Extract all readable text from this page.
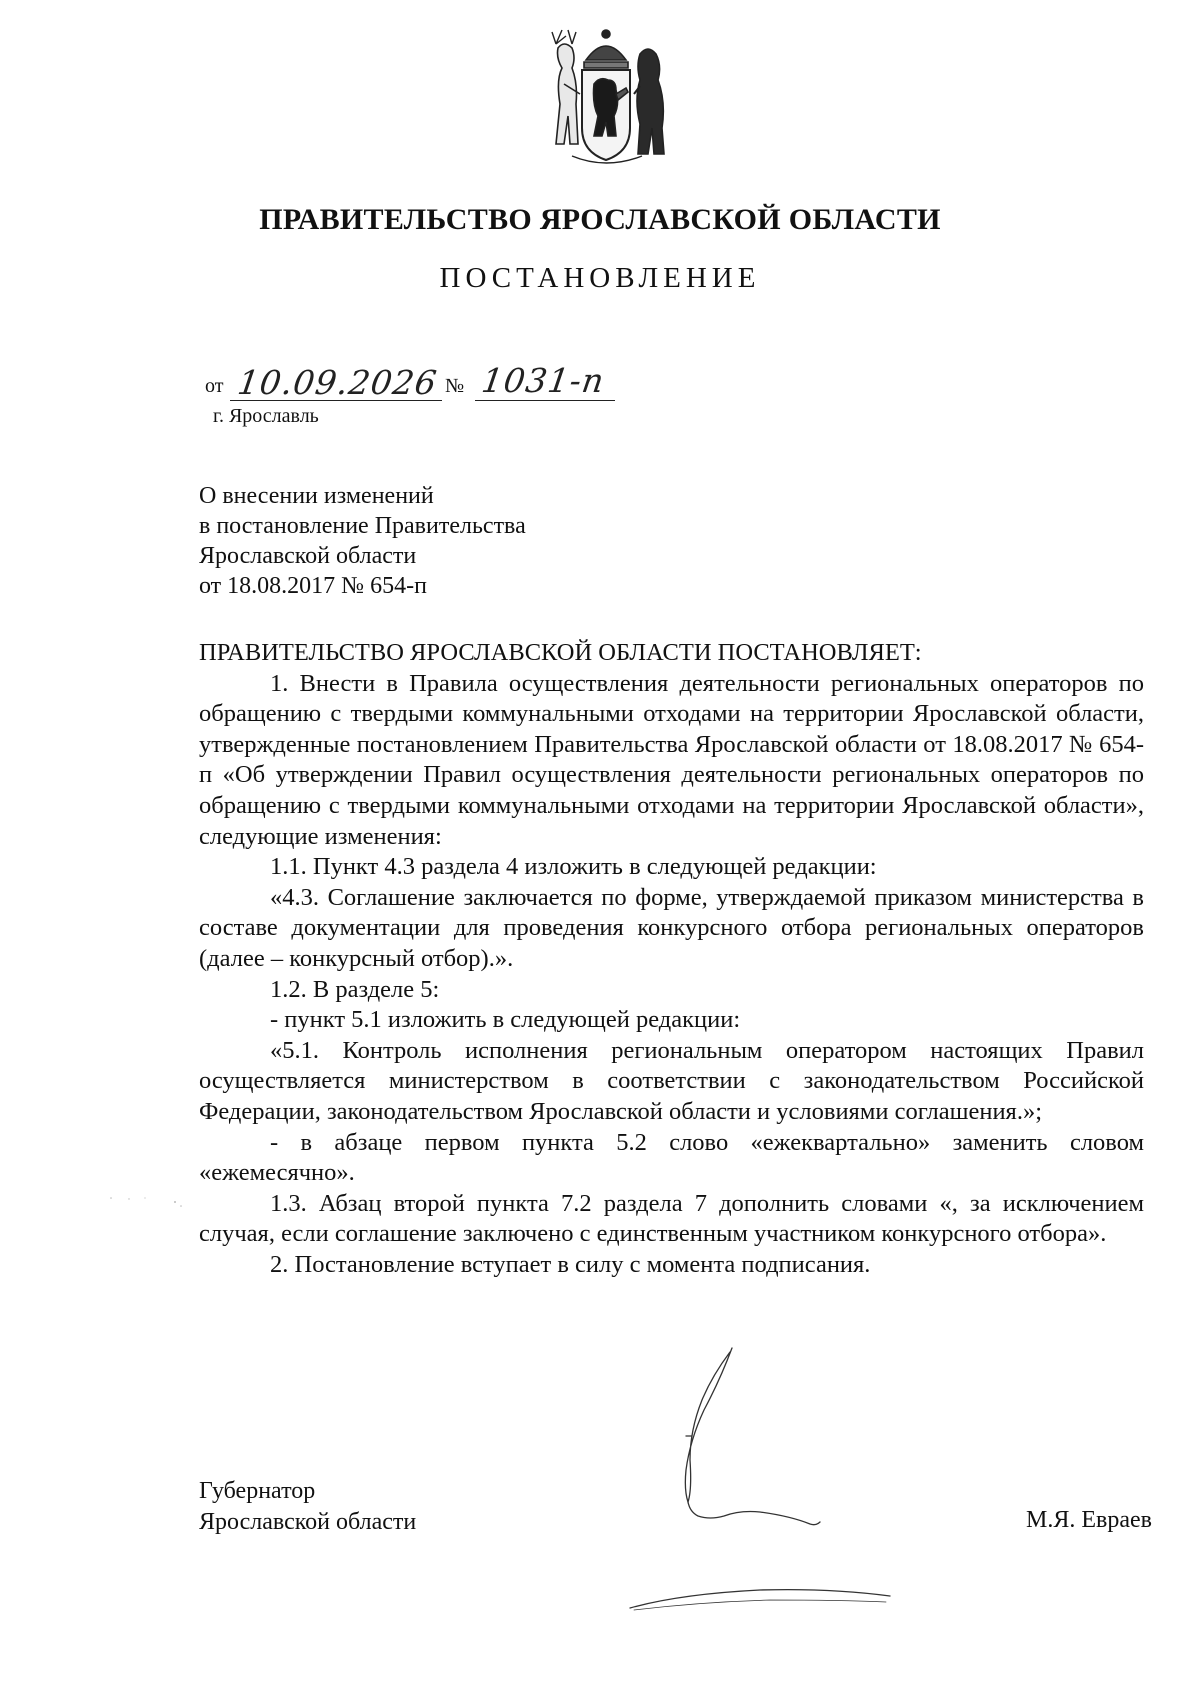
ПРАВИТЕЛЬСТВО ЯРОСЛАВСКОЙ ОБЛАСТИ
ПОСТАНОВЛЕНИЕ
от 10.09.2026 № 1031-п
г. Ярославль
О внесении изменений
в постановление Правительства
Ярославской области
от 18.08.2017 № 654-п

ПРАВИТЕЛЬСТВО ЯРОСЛАВСКОЙ ОБЛАСТИ ПОСТАНОВЛЯЕТ:

1. Внести в Правила осуществления деятельности региональных операторов по обращению с твердыми коммунальными отходами на территории Ярославской области, утвержденные постановлением Правительства Ярославской области от 18.08.2017 № 654-п «Об утверждении Правил осуществления деятельности региональных операторов по обращению с твердыми коммунальными отходами на территории Ярославской области», следующие изменения:

1.1. Пункт 4.3 раздела 4 изложить в следующей редакции:

«4.3. Соглашение заключается по форме, утверждаемой приказом министерства в составе документации для проведения конкурсного отбора региональных операторов (далее – конкурсный отбор).».

1.2. В разделе 5:

- пункт 5.1 изложить в следующей редакции:

«5.1. Контроль исполнения региональным оператором настоящих Правил осуществляется министерством в соответствии с законодательством Российской Федерации, законодательством Ярославской области и условиями соглашения.»;

- в абзаце первом пункта 5.2 слово «ежеквартально» заменить словом «ежемесячно».

1.3. Абзац второй пункта 7.2 раздела 7 дополнить словами «, за исключением случая, если соглашение заключено с единственным участником конкурсного отбора».

2. Постановление вступает в силу с момента подписания.

Губернатор
Ярославской области	М.Я. Евраев
